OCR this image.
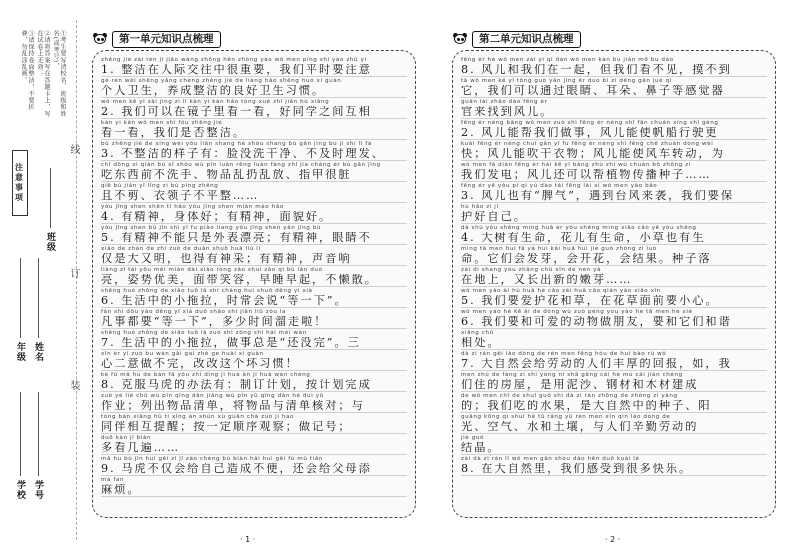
①考生要写清校名、班级和姓名(或考号)，
②请将答案写在答题卡上，写在试卷上无效；
③请保持卷面整洁，不要折叠，勿乱涂乱画。
注意事项
班级
年级 姓名
学校 学号
线
订
装
第一单元知识点梳理
zhěng jié zài rén jì jiāo wǎng zhōng hěn zhòng yào wǒ men píng shí yào zhù yì
1. 整洁在人际交往中很重要，我们平时要注意
gè rén wèi shēng yǎng chéng zhěng jié de liáng hǎo shēng huó xí guàn
个人卫生，养成整洁的良好卫生习惯。
wǒ men kě yǐ zài jìng zi lǐ kàn yi kàn hǎo tóng xué zhī jiān hù xiāng
2. 我们可以在镜子里看一看，好同学之间互相
kàn yi kàn wǒ men shì fǒu zhěng jié
看一看，我们是否整洁。
bù zhěng jié de xíng wéi yǒu liǎn shang hé shǒu shang bù gān jìng bù jí shí lǐ fà
3. 不整洁的样子有：脸没洗干净、不及时理发、
chī dōng xi qián bù xǐ shǒu wù pǐn luàn rēng luàn fàng zhǐ jia cháng ér bù gān jìng
吃东西前不洗手、物品乱扔乱放、指甲很脏
qiě bù jiǎn yī lǐng zi bù píng zhěng
且不剪、衣领子不平整……
yǒu jīng shen shēn tǐ hǎo yǒu jīng shen miàn mào hǎo
4. 有精神，身体好；有精神，面貌好。
yǒu jīng shen bù jǐn shì yī fu piào liang yǒu jīng shen yǎn jīng bù
5. 有精神不能只是外表漂亮；有精神，眼睛不
xiǎo de zhàn de zhí zuò de duān shuō huà liú lì
仅是大又明，也得有神采；有精神，声音响
liàng zī tài yōu měi miàn dài xiào róng zǎo shuì zǎo qǐ bù lǎn duò
亮，姿势优美，面带笑容，早睡早起，不懒散。
shēng huó zhōng de xiǎo tuō lā shí cháng huì shuō děng yí xià
6. 生活中的小拖拉，时常会说“等一下”。
fán shì dōu yào děng yí xià duō shǎo shí jiān liū zǒu la
凡事都要“等一下”，多少时间溜走啦！
shēng huó zhōng de xiǎo tuō lā zuò shì zǒng shì hái méi wán
7. 生活中的小拖拉，做事总是“还没完”。三
xīn èr yì zuò bu wán gǎi gai zhè ge huài xí guàn
心二意做不完，改改这个坏习惯！
kè fú mǎ hu de bàn fǎ yǒu zhì dìng jì huà àn jì huà wán chéng
8. 克服马虎的办法有：制订计划，按计划完成
zuò yè liè chū wù pǐn qīng dān jiāng wù pǐn yǔ qīng dān hé duì yǔ
作业；列出物品清单，将物品与清单核对；与
tóng bàn xiāng hù tí xǐng àn shùn xù guān chá zuò jì hao
同伴相互提醒；按一定顺序观察；做记号；
duō kàn jǐ biàn
多看几遍……
mǎ hu bù jǐn huì gěi zì jǐ zào chéng bù biàn hái huì gěi fù mǔ tiān
9. 马虎不仅会给自己造成不便，还会给父母添
má fan
麻烦。
· 1 ·
第二单元知识点梳理
fēng ér hé wǒ men zài yì qǐ dàn wǒ men kàn bu jiàn mō bu dào
8. 风儿和我们在一起，但我们看不见，摸不到
tā wǒ men kě yǐ tōng guò yǎn jing ěr duo bí zi děng gǎn jué qì
它，我们可以通过眼睛、耳朵、鼻子等感觉器
guān lái zhǎo dào fēng ér
官来找到风儿。
fēng ér néng bāng wǒ men zuò shì fēng ér néng shǐ fān chuán xíng shǐ gèng
2. 风儿能帮我们做事，风儿能使帆船行驶更
kuài fēng ér néng chuī gān yī fu fēng ér néng shǐ fēng chē zhuàn dòng wèi
快；风儿能吹干衣物；风儿能使风车转动，为
wǒ men fā diàn fēng ér hái kě yǐ bāng zhù zhí wù chuán bō zhǒng zi
我们发电；风儿还可以帮植物传播种子……
fēng ér yě yǒu pí qi yù dào tái fēng lái xí wǒ men yào bǎo
3. 风儿也有“脾气”，遇到台风来袭，我们要保
hù hǎo zì jǐ
护好自己。
dà shù yǒu shēng mìng huā ér yǒu shēng mìng xiǎo cǎo yě yǒu shēng
4. 大树有生命，花儿有生命，小草也有生
mìng tā men huì fā yá huì kāi huā huì jié guǒ zhǒng zi luò
命。它们会发芽，会开花，会结果。种子落
zài dì shang yòu zhǎng chū xīn de nèn yá
在地上，又长出新的嫩芽……
wǒ men yào ài hù huā hé cǎo zài huā cǎo qián yào xiǎo xīn
5. 我们要爱护花和草，在花草面前要小心。
wǒ men yào hé kě ài de dòng wù zuò péng you yào hé tā men hé xié
6. 我们要和可爱的动物做朋友，要和它们和谐
xiāng chǔ
相处。
dà zì rán gěi láo dòng de rén men fēng hòu de huí bào rú wǒ
7. 大自然会给劳动的人们丰厚的回报，如，我
men zhù de fáng zi shì yòng ní shā gāng cái hé mù cái jiàn chéng
们住的房屋，是用泥沙、钢材和木材建成
de wǒ men chī de shuǐ guǒ shì dà zì rán zhōng de zhǒng zi yáng
的；我们吃的水果，是大自然中的种子、阳
guāng kōng qì shuǐ hé tǔ rǎng yǔ rén men xīn qín láo dòng de
光、空气、水和土壤，与人们辛勤劳动的
jié guǒ
结晶。
zài dà zì rán lǐ wǒ men gǎn shòu dào hěn duō kuài lè
8. 在大自然里，我们感受到很多快乐。
· 2 ·
